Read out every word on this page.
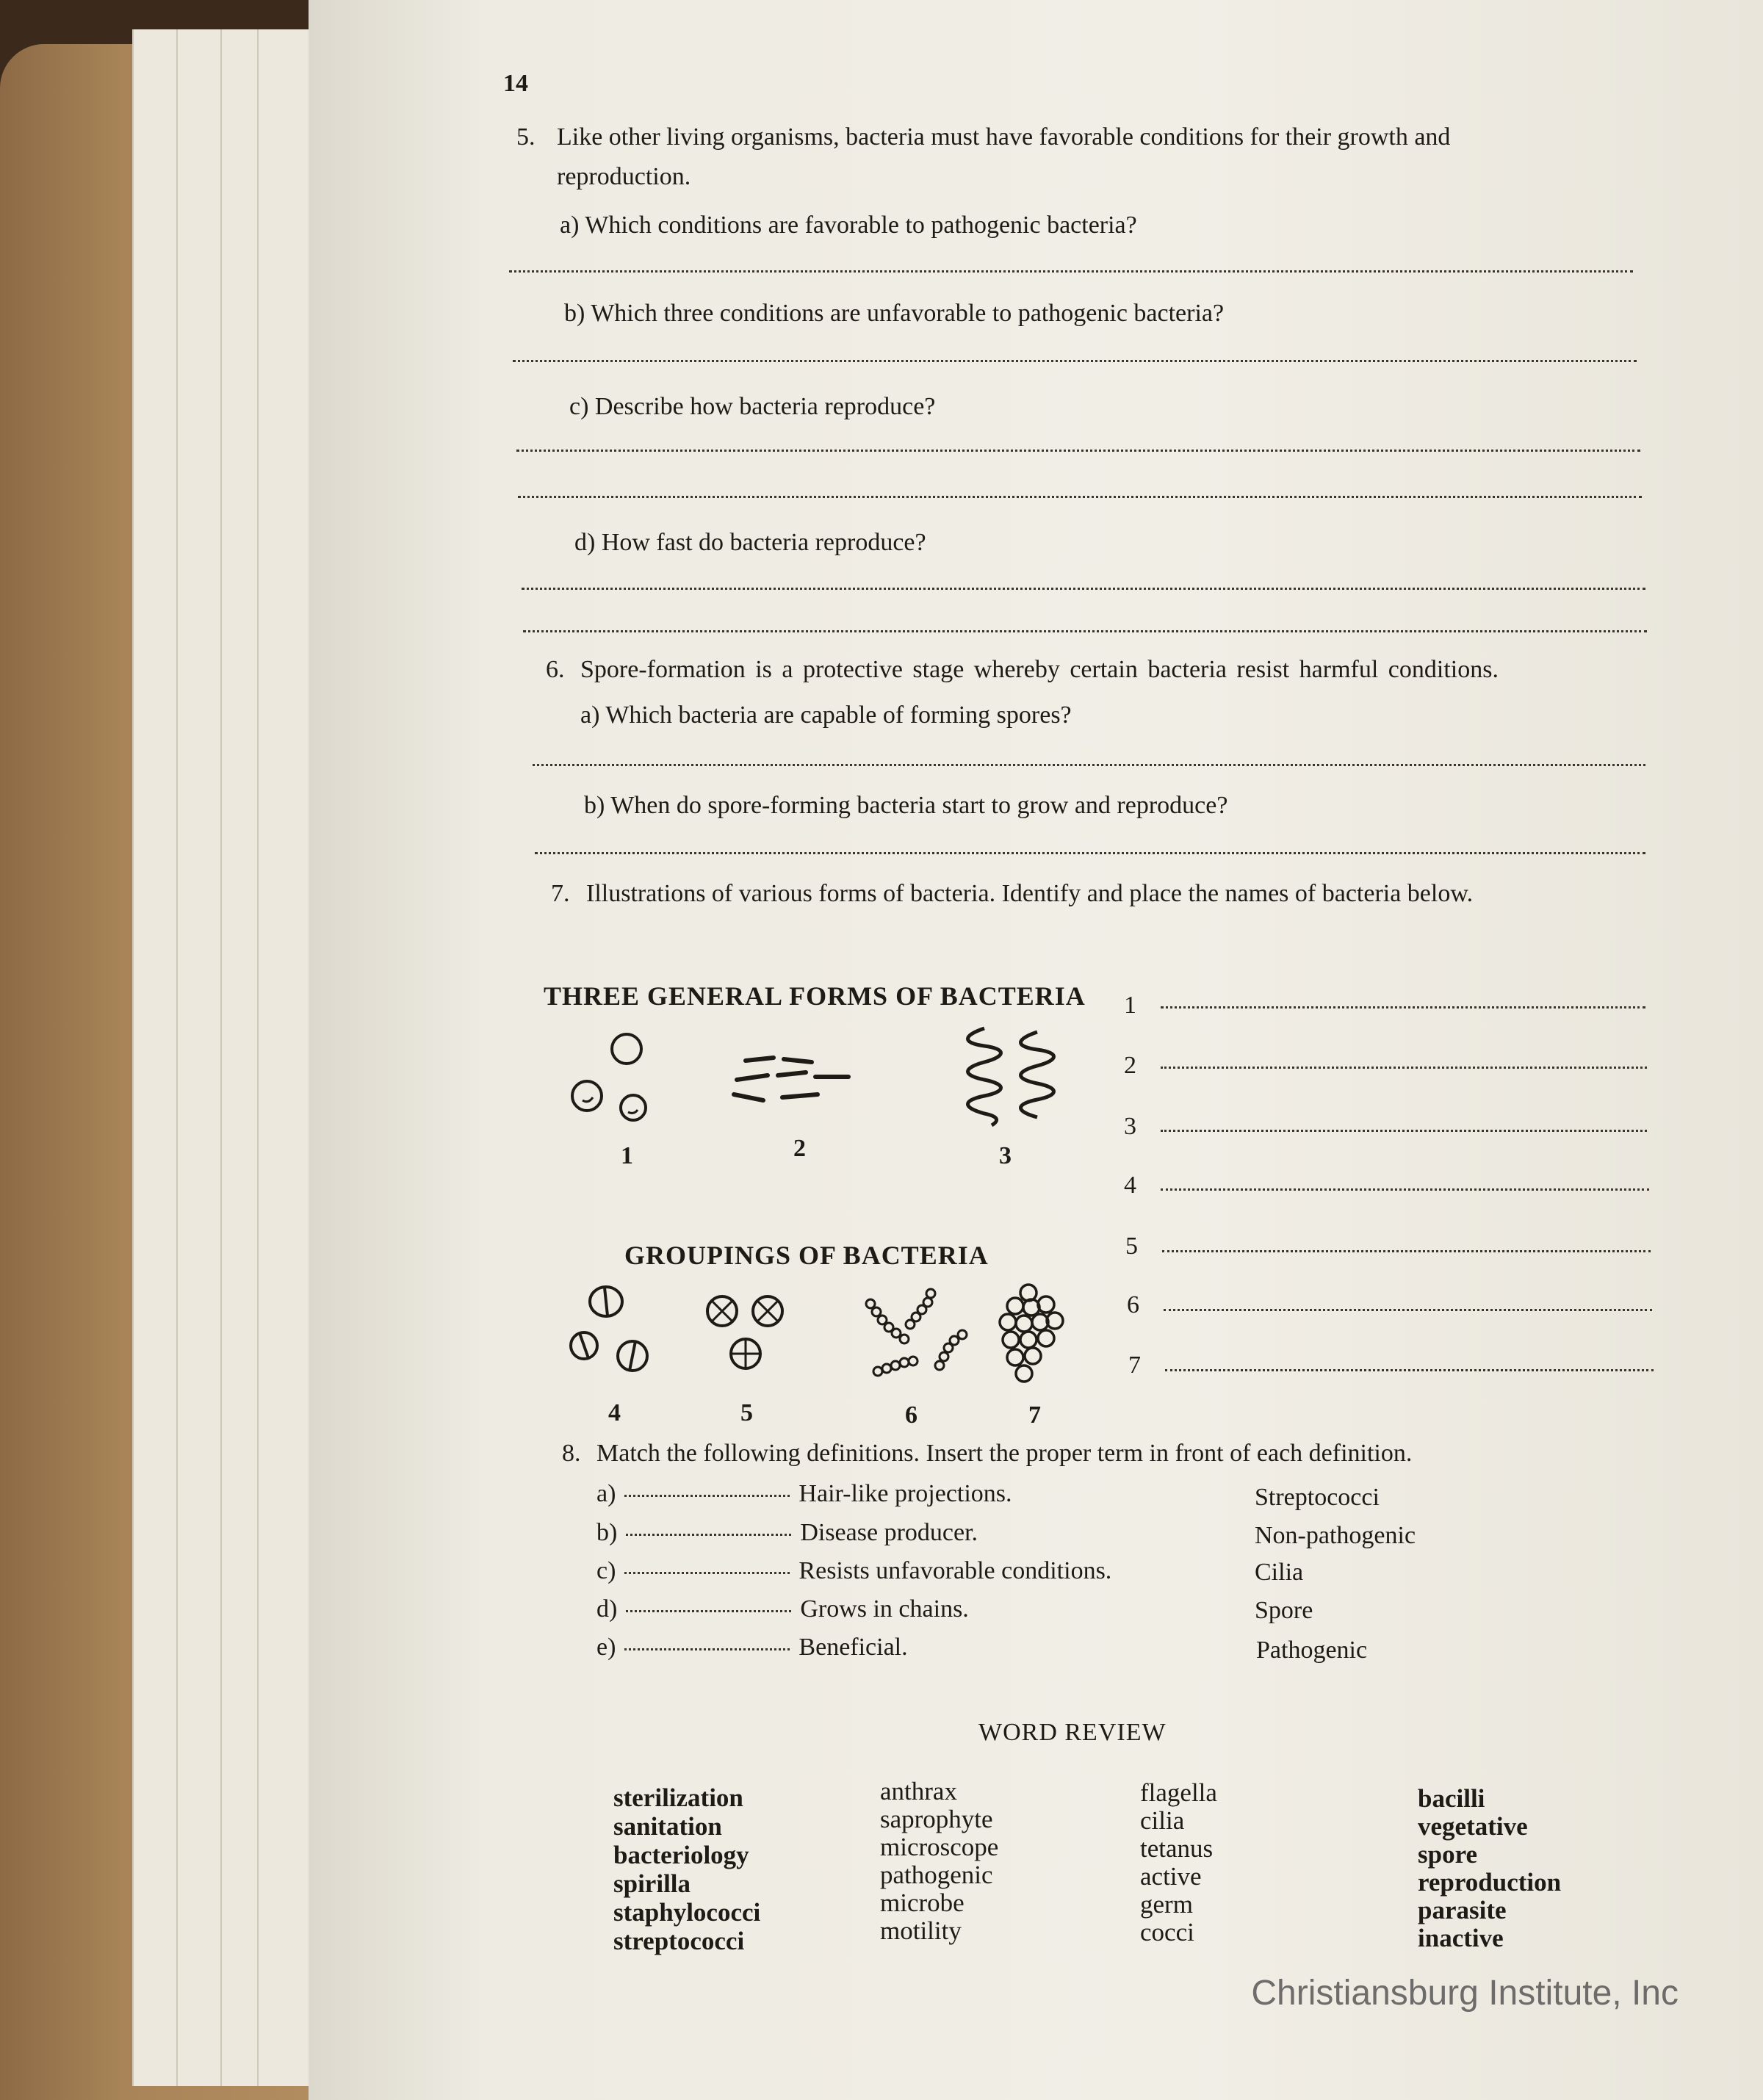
14
5. Like other living organisms, bacteria must have favorable conditions for their growth and
reproduction.
a) Which conditions are favorable to pathogenic bacteria?
b) Which three conditions are unfavorable to pathogenic bacteria?
c) Describe how bacteria reproduce?
d) How fast do bacteria reproduce?
6. Spore-formation is a protective stage whereby certain bacteria resist harmful conditions.
a) Which bacteria are capable of forming spores?
b) When do spore-forming bacteria start to grow and reproduce?
7. Illustrations of various forms of bacteria. Identify and place the names of bacteria below.
THREE GENERAL FORMS OF BACTERIA
1	2	3
GROUPINGS OF BACTERIA
4	5	6	7
1
2
3
4
5
6
7
8. Match the following definitions. Insert the proper term in front of each definition.
a)	Hair-like projections.
b)	Disease producer.
c)	Resists unfavorable conditions.
d)	Grows in chains.
e)	Beneficial.
Streptococci
Non-pathogenic
Cilia
Spore
Pathogenic
WORD REVIEW
sterilization
sanitation
bacteriology
spirilla
staphylococci
streptococci
anthrax
saprophyte
microscope
pathogenic
microbe
motility
flagella
cilia
tetanus
active
germ
cocci
bacilli
vegetative
spore
reproduction
parasite
inactive
Christiansburg Institute, Inc
